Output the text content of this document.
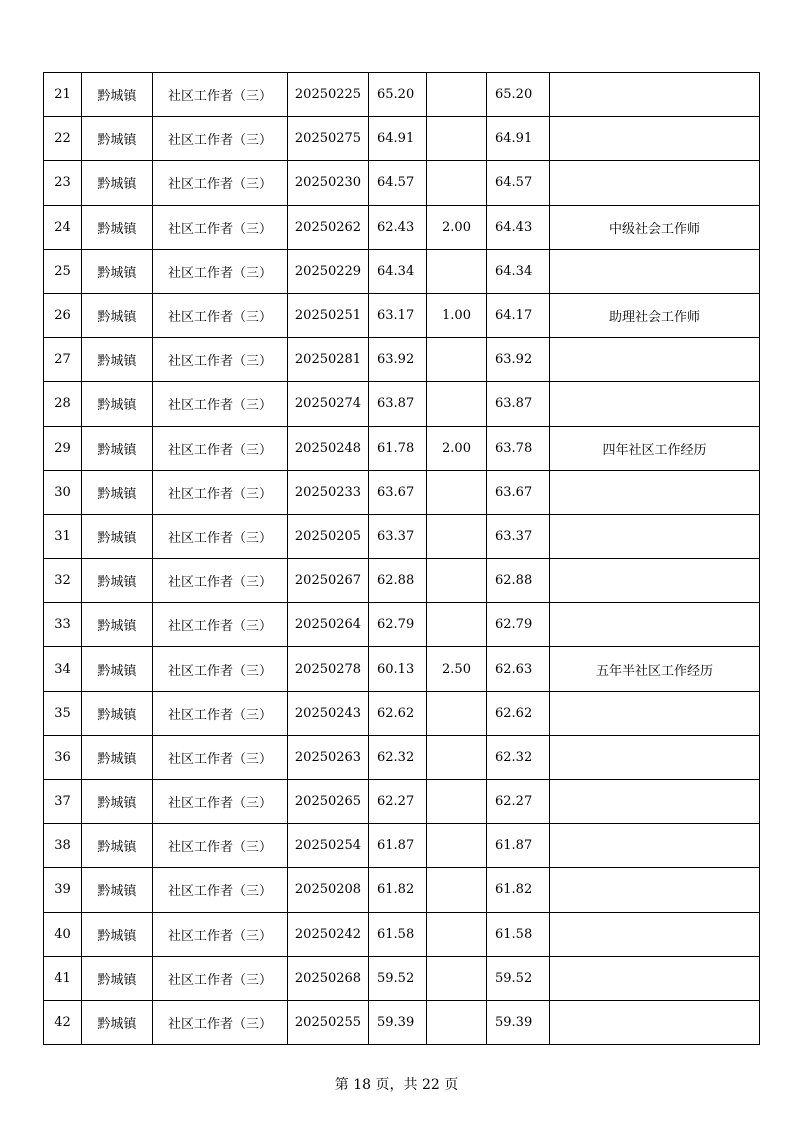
21	黔城镇	社区工作者（三）	20250225	65.20		65.20	
22	黔城镇	社区工作者（三）	20250275	64.91		64.91	
23	黔城镇	社区工作者（三）	20250230	64.57		64.57	
24	黔城镇	社区工作者（三）	20250262	62.43	2.00	64.43	中级社会工作师
25	黔城镇	社区工作者（三）	20250229	64.34		64.34	
26	黔城镇	社区工作者（三）	20250251	63.17	1.00	64.17	助理社会工作师
27	黔城镇	社区工作者（三）	20250281	63.92		63.92	
28	黔城镇	社区工作者（三）	20250274	63.87		63.87	
29	黔城镇	社区工作者（三）	20250248	61.78	2.00	63.78	四年社区工作经历
30	黔城镇	社区工作者（三）	20250233	63.67		63.67	
31	黔城镇	社区工作者（三）	20250205	63.37		63.37	
32	黔城镇	社区工作者（三）	20250267	62.88		62.88	
33	黔城镇	社区工作者（三）	20250264	62.79		62.79	
34	黔城镇	社区工作者（三）	20250278	60.13	2.50	62.63	五年半社区工作经历
35	黔城镇	社区工作者（三）	20250243	62.62		62.62	
36	黔城镇	社区工作者（三）	20250263	62.32		62.32	
37	黔城镇	社区工作者（三）	20250265	62.27		62.27	
38	黔城镇	社区工作者（三）	20250254	61.87		61.87	
39	黔城镇	社区工作者（三）	20250208	61.82		61.82	
40	黔城镇	社区工作者（三）	20250242	61.58		61.58	
41	黔城镇	社区工作者（三）	20250268	59.52		59.52	
42	黔城镇	社区工作者（三）	20250255	59.39		59.39	
第 18 页，共 22 页
